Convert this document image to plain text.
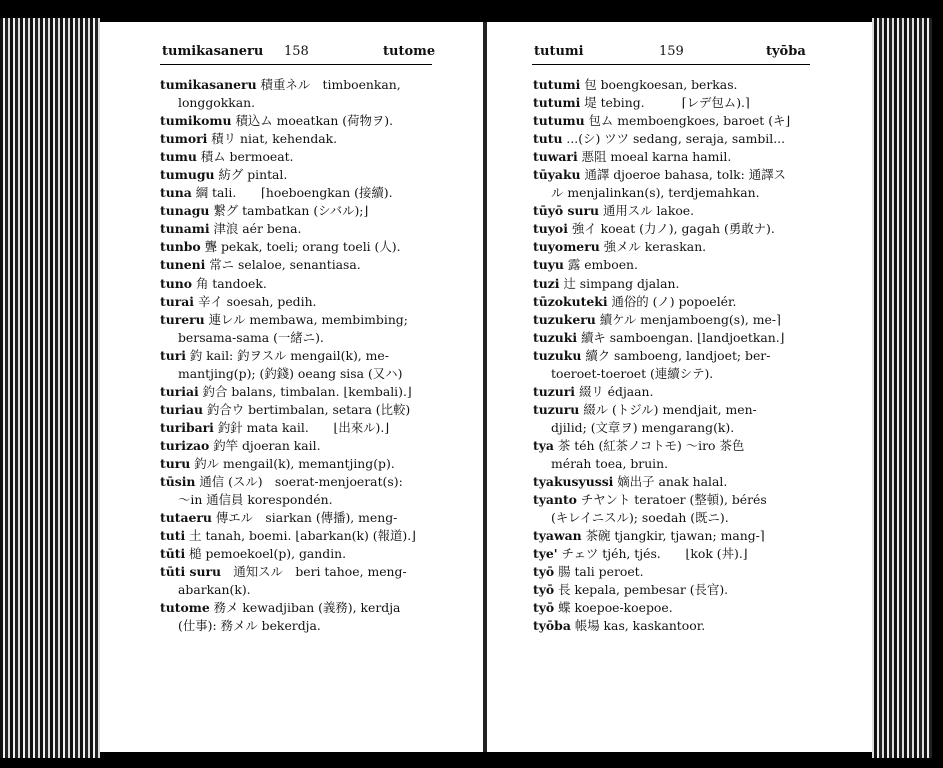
tumikasaneru 158	tutome	tutumi	159	tyōba
tumikasaneru 積重ネル　timboenkan,
longgokkan.
tumikomu 積込ム moeatkan (荷物ヲ).
tumori 積リ niat, kehendak.
tumu 積ム bermoeat.
tumugu 紡グ pintal.
tuna 綱 tali.　　⌈hoeboengkan (接續).
tunagu 繋グ tambatkan (シバル);⌋
tunami 津浪 aér bena.
tunbo 聾 pekak, toeli; orang toeli (人).
tuneni 常ニ selaloe, senantiasa.
tuno 角 tandoek.
turai 辛イ soesah, pedih.
tureru 連レル membawa, membimbing;
bersama-sama (一緒ニ).
turi 釣 kail: 釣ヲスル mengail(k), me-
mantjing(p); (釣錢) oeang sisa (又ハ)
turiai 釣合 balans, timbalan. ⌊kembali).⌋
turiau 釣合ウ bertimbalan, setara (比較)
turibari 釣針 mata kail.　　⌊出來ル).⌋
turizao 釣竿 djoeran kail.
turu 釣ル mengail(k), memantjing(p).
tūsin 通信 (スル)　soerat-menjoerat(s):
～in 通信員 korespondén.
tutaeru 傳エル　siarkan (傳播), meng-
tuti 土 tanah, boemi. ⌊abarkan(k) (報道).⌋
tūti 槌 pemoekoel(p), gandin.
tūti suru　通知スル　beri tahoe, meng-
abarkan(k).
tutome 務メ kewadjiban (義務), kerdja
(仕事): 務メル bekerdja.
tutumi 包 boengkoesan, berkas.
tutumi 堤 tebing.　　　⌈レデ包ム).⌉
tutumu 包ム memboengkoes, baroet (キ⌋
tutu ...(シ) ツツ sedang, seraja, sambil...
tuwari 悪阻 moeal karna hamil.
tūyaku 通譯 djoeroe bahasa, tolk: 通譯ス
ル menjalinkan(s), terdjemahkan.
tūyō suru 通用スル lakoe.
tuyoi 強イ koeat (力ノ), gagah (勇敢ナ).
tuyomeru 強メル keraskan.
tuyu 露 emboen.
tuzi 辻 simpang djalan.
tūzokuteki 通俗的 (ノ) popoelér.
tuzukeru 續ケル menjamboeng(s), me-⌉
tuzuki 續キ samboengan. ⌊landjoetkan.⌋
tuzuku 續ク samboeng, landjoet; ber-
toeroet-toeroet (連續シテ).
tuzuri 綴リ édjaan.
tuzuru 綴ル (トジル) mendjait, men-
djilid; (文章ヲ) mengarang(k).
tya 茶 téh (紅茶ノコトモ) ～iro 茶色
mérah toea, bruin.
tyakusyussi 嫡出子 anak halal.
tyanto チヤント teratoer (整頓), bérés
(キレイニスル); soedah (既ニ).
tyawan 茶碗 tjangkir, tjawan; mang-⌉
tye' チェツ tjéh, tjés.　　⌊kok (丼).⌋
tyō 腸 tali peroet.
tyō 長 kepala, pembesar (長官).
tyō 蝶 koepoe-koepoe.
tyōba 帳場 kas, kaskantoor.
